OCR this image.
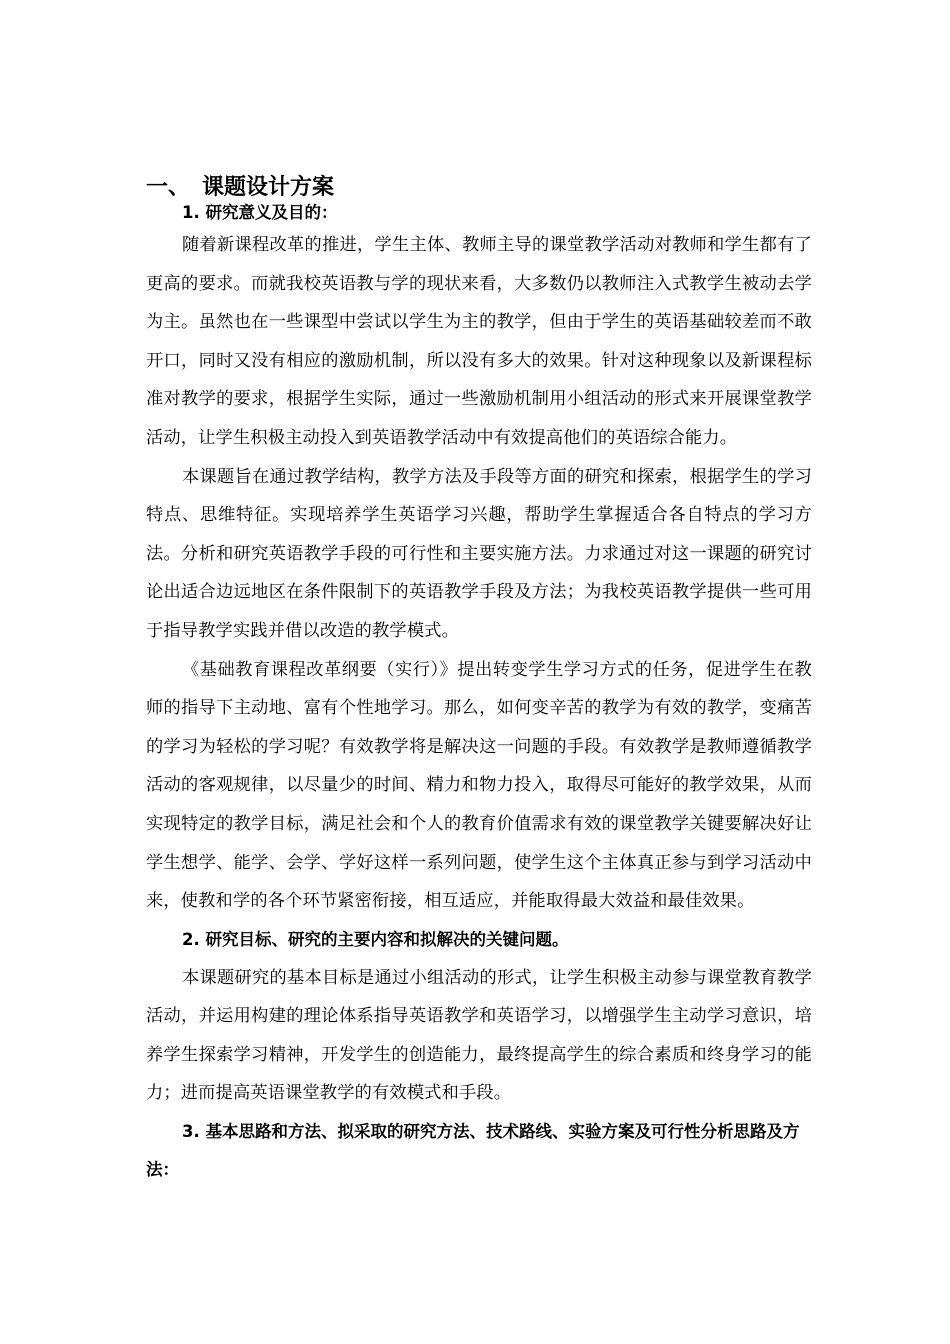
一、 课题设计方案
1. 研究意义及目的：

随着新课程改革的推进，学生主体、教师主导的课堂教学活动对教师和学生都有了更高的要求。而就我校英语教与学的现状来看，大多数仍以教师注入式教学生被动去学为主。虽然也在一些课型中尝试以学生为主的教学，但由于学生的英语基础较差而不敢开口，同时又没有相应的激励机制，所以没有多大的效果。针对这种现象以及新课程标准对教学的要求，根据学生实际，通过一些激励机制用小组活动的形式来开展课堂教学活动，让学生积极主动投入到英语教学活动中有效提高他们的英语综合能力。

本课题旨在通过教学结构，教学方法及手段等方面的研究和探索，根据学生的学习特点、思维特征。实现培养学生英语学习兴趣，帮助学生掌握适合各自特点的学习方法。分析和研究英语教学手段的可行性和主要实施方法。力求通过对这一课题的研究讨论出适合边远地区在条件限制下的英语教学手段及方法；为我校英语教学提供一些可用于指导教学实践并借以改造的教学模式。

《基础教育课程改革纲要（实行）》提出转变学生学习方式的任务，促进学生在教师的指导下主动地、富有个性地学习。那么，如何变辛苦的教学为有效的教学，变痛苦的学习为轻松的学习呢？有效教学将是解决这一问题的手段。有效教学是教师遵循教学活动的客观规律，以尽量少的时间、精力和物力投入，取得尽可能好的教学效果，从而实现特定的教学目标，满足社会和个人的教育价值需求有效的课堂教学关键要解决好让学生想学、能学、会学、学好这样一系列问题，使学生这个主体真正参与到学习活动中来，使教和学的各个环节紧密衔接，相互适应，并能取得最大效益和最佳效果。

2. 研究目标、研究的主要内容和拟解决的关键问题。

本课题研究的基本目标是通过小组活动的形式，让学生积极主动参与课堂教育教学活动，并运用构建的理论体系指导英语教学和英语学习，以增强学生主动学习意识，培养学生探索学习精神，开发学生的创造能力，最终提高学生的综合素质和终身学习的能力；进而提高英语课堂教学的有效模式和手段。

3. 基本思路和方法、拟采取的研究方法、技术路线、实验方案及可行性分析思路及方法：
